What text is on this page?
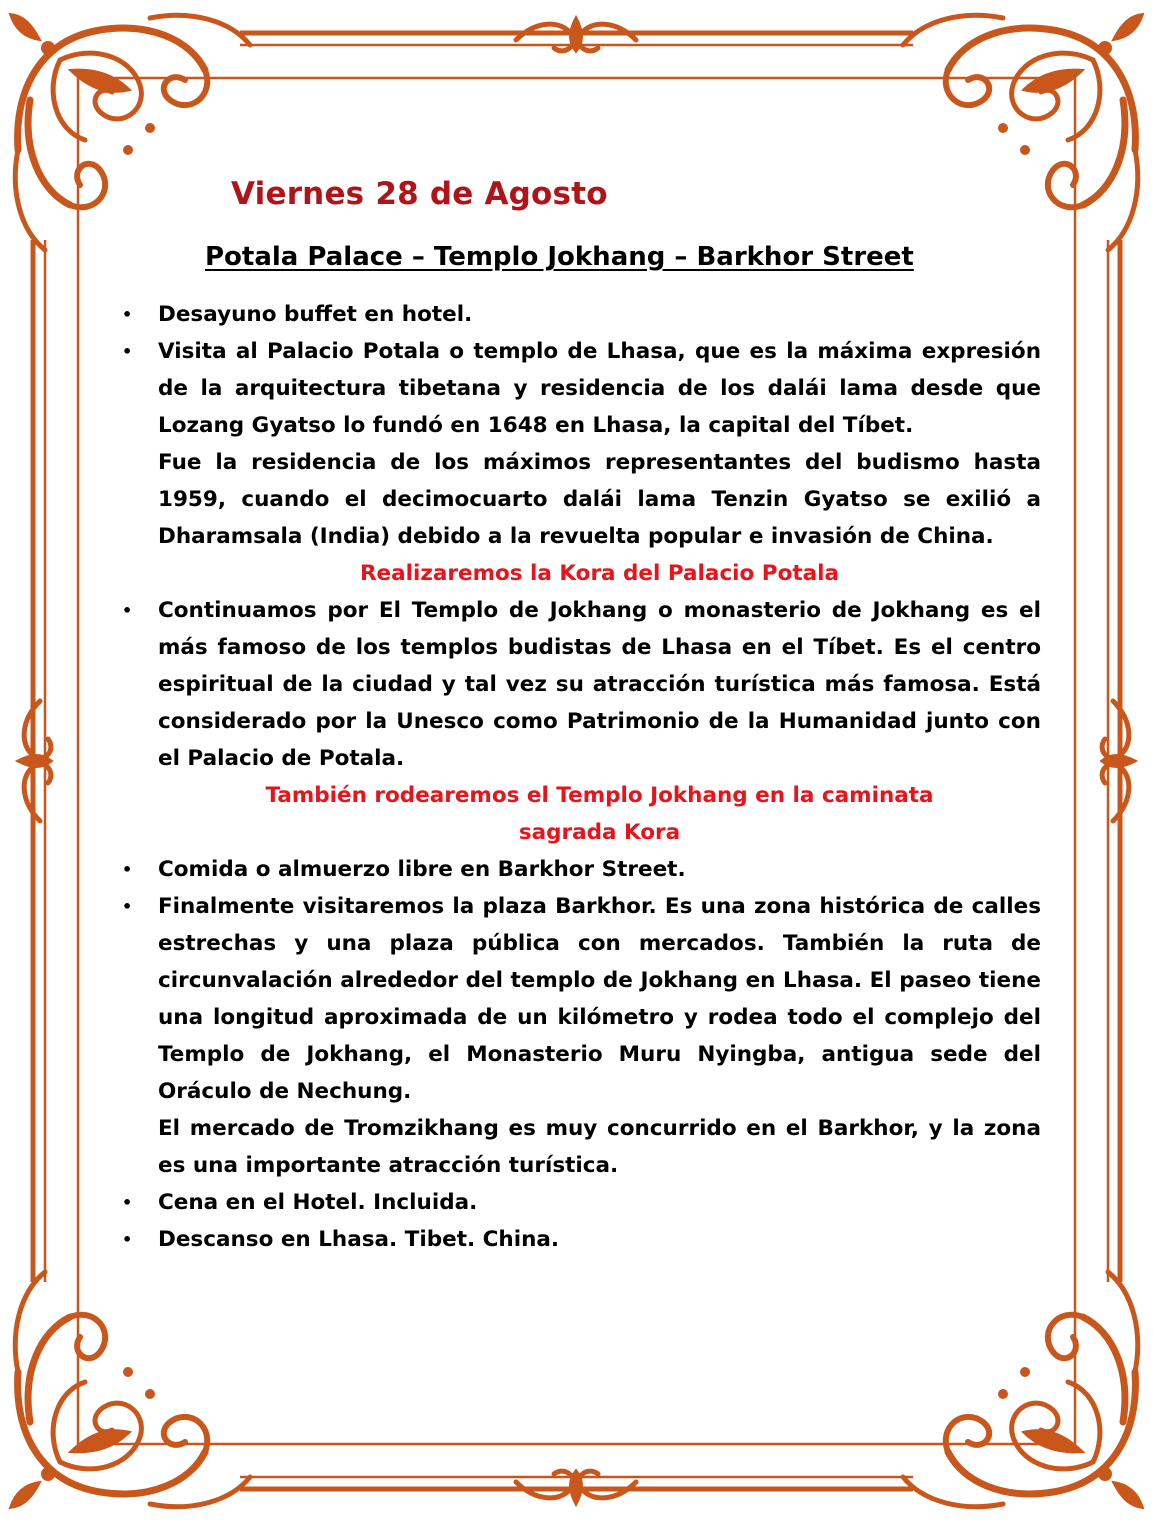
Viernes 28 de Agosto
Potala Palace – Templo Jokhang – Barkhor Street
• Desayuno buffet en hotel.
• Visita al Palacio Potala o templo de Lhasa, que es la máxima expresión de la arquitectura tibetana y residencia de los dalái lama desde que Lozang Gyatso lo fundó en 1648 en Lhasa, la capital del Tíbet.
Fue la residencia de los máximos representantes del budismo hasta 1959, cuando el decimocuarto dalái lama Tenzin Gyatso se exilió a Dharamsala (India) debido a la revuelta popular e invasión de China.
Realizaremos la Kora del Palacio Potala
• Continuamos por El Templo de Jokhang o monasterio de Jokhang es el más famoso de los templos budistas de Lhasa en el Tíbet. Es el centro espiritual de la ciudad y tal vez su atracción turística más famosa. Está considerado por la Unesco como Patrimonio de la Humanidad junto con el Palacio de Potala.
También rodearemos el Templo Jokhang en la caminata
sagrada Kora
• Comida o almuerzo libre en Barkhor Street.
• Finalmente visitaremos la plaza Barkhor. Es una zona histórica de calles estrechas y una plaza pública con mercados. También la ruta de circunvalación alrededor del templo de Jokhang en Lhasa. El paseo tiene una longitud aproximada de un kilómetro y rodea todo el complejo del Templo de Jokhang, el Monasterio Muru Nyingba, antigua sede del Oráculo de Nechung.
El mercado de Tromzikhang es muy concurrido en el Barkhor, y la zona es una importante atracción turística.
• Cena en el Hotel. Incluida.
• Descanso en Lhasa. Tibet. China.
